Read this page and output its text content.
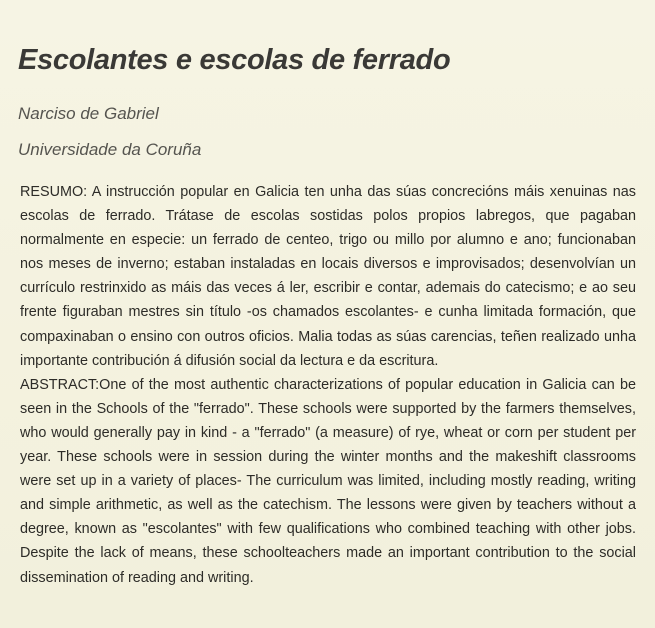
Escolantes e escolas de ferrado
Narciso de Gabriel
Universidade da Coruña

RESUMO: A instrucción popular en Galicia ten unha das súas concrecións máis xenuinas nas escolas de ferrado. Trátase de escolas sostidas polos propios labregos, que pagaban normalmente en especie: un ferrado de centeo, trigo ou millo por alumno e ano; funcionaban nos meses de inverno; estaban instaladas en locais diversos e improvisados; desenvolvían un currículo restrinxido as máis das veces á ler, escribir e contar, ademais do catecismo; e ao seu frente figuraban mestres sin título -os chamados escolantes- e cunha limitada formación, que compaxinaban o ensino con outros oficios. Malia todas as súas carencias, teñen realizado unha importante contribución á difusión social da lectura e da escritura.

ABSTRACT:One of the most authentic characterizations of popular education in Galicia can be seen in the Schools of the "ferrado". These schools were supported by the farmers themselves, who would generally pay in kind - a "ferrado" (a measure) of rye, wheat or corn per student per year. These schools were in session during the winter months and the makeshift classrooms were set up in a variety of places- The curriculum was limited, including mostly reading, writing and simple arithmetic, as well as the catechism. The lessons were given by teachers without a degree, known as "escolantes" with few qualifications who combined teaching with other jobs. Despite the lack of means, these schoolteachers made an important contribution to the social dissemination of reading and writing.
